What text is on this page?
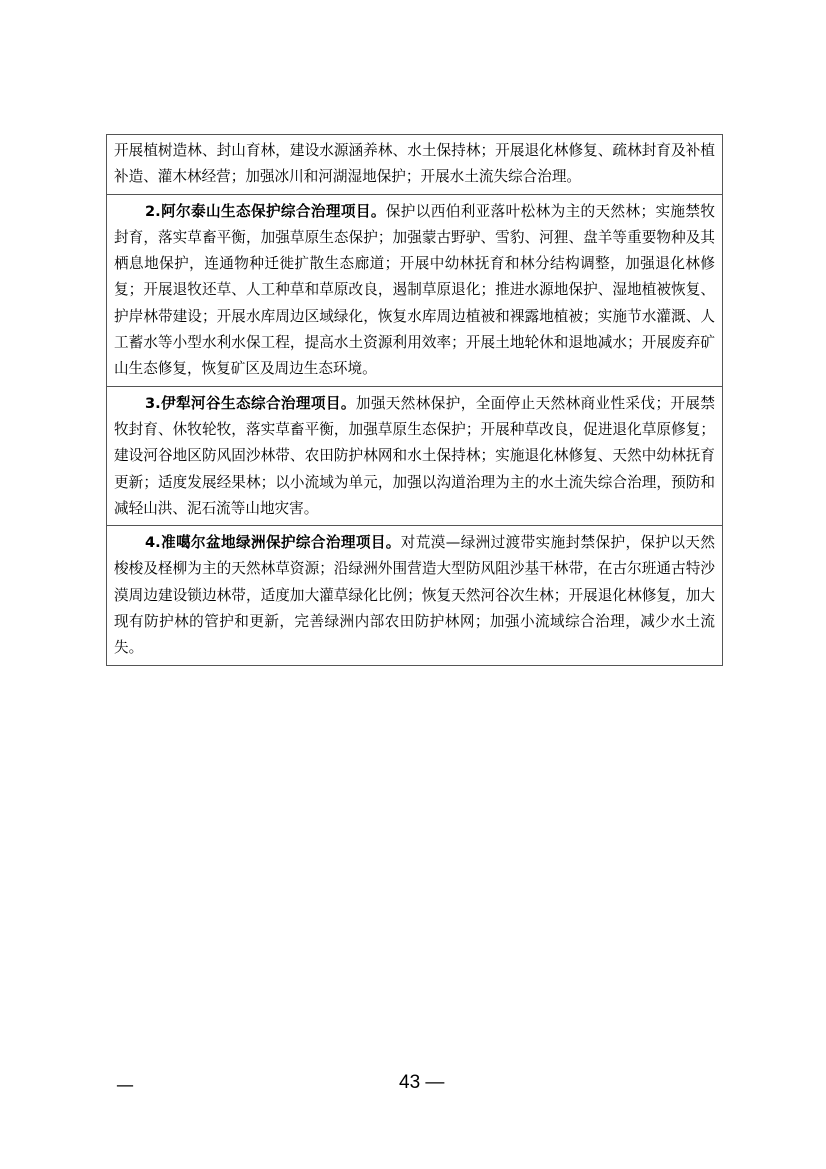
开展植树造林、封山育林，建设水源涵养林、水土保持林；开展退化林修复、疏林封育及补植补造、灌木林经营；加强冰川和河湖湿地保护；开展水土流失综合治理。
2.阿尔泰山生态保护综合治理项目。保护以西伯利亚落叶松林为主的天然林；实施禁牧封育，落实草畜平衡，加强草原生态保护；加强蒙古野驴、雪豹、河狸、盘羊等重要物种及其栖息地保护，连通物种迁徙扩散生态廊道；开展中幼林抚育和林分结构调整，加强退化林修复；开展退牧还草、人工种草和草原改良，遏制草原退化；推进水源地保护、湿地植被恢复、护岸林带建设；开展水库周边区域绿化，恢复水库周边植被和裸露地植被；实施节水灌溉、人工蓄水等小型水利水保工程，提高水土资源利用效率；开展土地轮休和退地减水；开展废弃矿山生态修复，恢复矿区及周边生态环境。
3.伊犁河谷生态综合治理项目。加强天然林保护，全面停止天然林商业性采伐；开展禁牧封育、休牧轮牧，落实草畜平衡，加强草原生态保护；开展种草改良，促进退化草原修复；建设河谷地区防风固沙林带、农田防护林网和水土保持林；实施退化林修复、天然中幼林抚育更新；适度发展经果林；以小流域为单元，加强以沟道治理为主的水土流失综合治理，预防和减轻山洪、泥石流等山地灾害。
4.准噶尔盆地绿洲保护综合治理项目。对荒漠—绿洲过渡带实施封禁保护，保护以天然梭梭及柽柳为主的天然林草资源；沿绿洲外围营造大型防风阻沙基干林带，在古尔班通古特沙漠周边建设锁边林带，适度加大灌草绿化比例；恢复天然河谷次生林；开展退化林修复，加大现有防护林的管护和更新，完善绿洲内部农田防护林网；加强小流域综合治理，减少水土流失。
—	43 —
